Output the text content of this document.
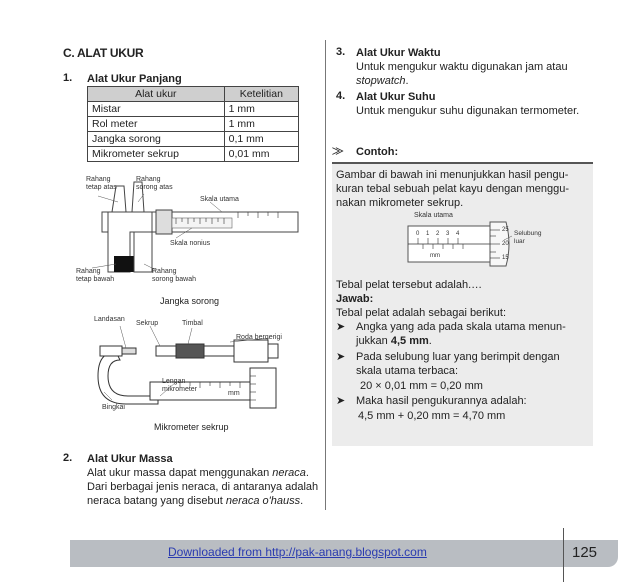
C. ALAT UKUR
1. Alat Ukur Panjang
Alat ukur	Ketelitian
Mistar	1 mm
Rol meter	1 mm
Jangka sorong	0,1 mm
Mikrometer sekrup	0,01 mm
Rahang
tetap atas
Rahang
sorong atas
Skala utama
Skala nonius
Rahang
tetap bawah
Rahang
sorong bawah
Jangka sorong
Landasan
Sekrup	Timbal
Roda bergerigi
Lengan
mikrometer
mm
Bingkai
Mikrometer sekrup
2. Alat Ukur Massa
Alat ukur massa dapat menggunakan neraca.
Dari berbagai jenis neraca, di antaranya adalah
neraca batang yang disebut neraca o'hauss.
3. Alat Ukur Waktu
Untuk mengukur waktu digunakan jam atau
stopwatch.
4. Alat Ukur Suhu
Untuk mengukur suhu digunakan termometer.
⨠ Contoh:
Gambar di bawah ini menunjukkan hasil pengu-
kuran tebal sebuah pelat kayu dengan menggu-
nakan mikrometer sekrup.
Skala utama
0 1 2 3 4
mm
25
20
15
Selubung
luar
Tebal pelat tersebut adalah.…
Jawab:
Tebal pelat adalah sebagai berikut:
➤ Angka yang ada pada skala utama menun-
jukkan 4,5 mm.
➤ Pada selubung luar yang berimpit dengan
skala utama terbaca:
20 × 0,01 mm = 0,20 mm
➤ Maka hasil pengukurannya adalah:
4,5 mm + 0,20 mm = 4,70 mm
Downloaded from http://pak-anang.blogspot.com	125
